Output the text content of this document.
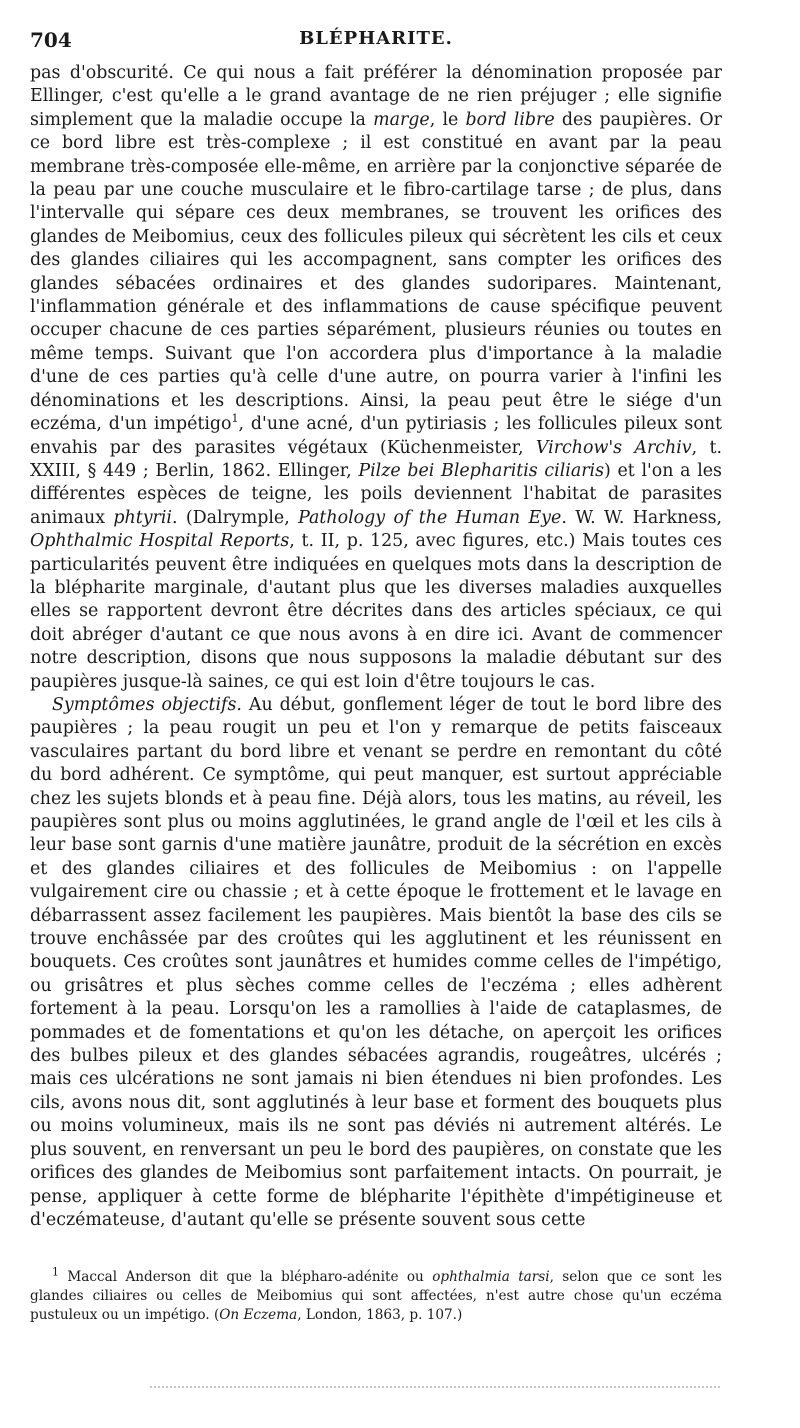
704	BLÉPHARITE.

pas d'obscurité. Ce qui nous a fait préférer la dénomination proposée par Ellinger, c'est qu'elle a le grand avantage de ne rien préjuger ; elle signifie simplement que la maladie occupe la marge, le bord libre des paupières. Or ce bord libre est très-complexe ; il est constitué en avant par la peau membrane très-composée elle-même, en arrière par la conjonctive séparée de la peau par une couche musculaire et le fibro-cartilage tarse ; de plus, dans l'intervalle qui sépare ces deux membranes, se trouvent les orifices des glandes de Meibomius, ceux des follicules pileux qui sécrètent les cils et ceux des glandes ciliaires qui les accompagnent, sans compter les orifices des glandes sébacées ordinaires et des glandes sudoripares. Maintenant, l'inflammation générale et des inflammations de cause spécifique peuvent occuper chacune de ces parties séparément, plusieurs réunies ou toutes en même temps. Suivant que l'on accordera plus d'importance à la maladie d'une de ces parties qu'à celle d'une autre, on pourra varier à l'infini les dénominations et les descriptions. Ainsi, la peau peut être le siége d'un eczéma, d'un impétigo$^1$, d'une acné, d'un pytiriasis ; les follicules pileux sont envahis par des parasites végétaux (Küchenmeister, Virchow's Archiv, t. XXIII, § 449 ; Berlin, 1862. Ellinger, Pilze bei Blepharitis ciliaris) et l'on a les différentes espèces de teigne, les poils deviennent l'habitat de parasites animaux phtyrii. (Dalrymple, Pathology of the Human Eye. W. W. Harkness, Ophthalmic Hospital Reports, t. II, p. 125, avec figures, etc.) Mais toutes ces particularités peuvent être indiquées en quelques mots dans la description de la blépharite marginale, d'autant plus que les diverses maladies auxquelles elles se rapportent devront être décrites dans des articles spéciaux, ce qui doit abréger d'autant ce que nous avons à en dire ici. Avant de commencer notre description, disons que nous supposons la maladie débutant sur des paupières jusque-là saines, ce qui est loin d'être toujours le cas.

Symptômes objectifs. Au début, gonflement léger de tout le bord libre des paupières ; la peau rougit un peu et l'on y remarque de petits faisceaux vasculaires partant du bord libre et venant se perdre en remontant du côté du bord adhérent. Ce symptôme, qui peut manquer, est surtout appréciable chez les sujets blonds et à peau fine. Déjà alors, tous les matins, au réveil, les paupières sont plus ou moins agglutinées, le grand angle de l'œil et les cils à leur base sont garnis d'une matière jaunâtre, produit de la sécrétion en excès et des glandes ciliaires et des follicules de Meibomius : on l'appelle vulgairement cire ou chassie ; et à cette époque le frottement et le lavage en débarrassent assez facilement les paupières. Mais bientôt la base des cils se trouve enchâssée par des croûtes qui les agglutinent et les réunissent en bouquets. Ces croûtes sont jaunâtres et humides comme celles de l'impétigo, ou grisâtres et plus sèches comme celles de l'eczéma ; elles adhèrent fortement à la peau. Lorsqu'on les a ramollies à l'aide de cataplasmes, de pommades et de fomentations et qu'on les détache, on aperçoit les orifices des bulbes pileux et des glandes sébacées agrandis, rougeâtres, ulcérés ; mais ces ulcérations ne sont jamais ni bien étendues ni bien profondes. Les cils, avons nous dit, sont agglutinés à leur base et forment des bouquets plus ou moins volumineux, mais ils ne sont pas déviés ni autrement altérés. Le plus souvent, en renversant un peu le bord des paupières, on constate que les orifices des glandes de Meibomius sont parfaitement intacts. On pourrait, je pense, appliquer à cette forme de blépharite l'épithète d'impétigineuse et d'eczémateuse, d'autant qu'elle se présente souvent sous cette

$^1$ Maccal Anderson dit que la blépharo-adénite ou ophthalmia tarsi, selon que ce sont les glandes ciliaires ou celles de Meibomius qui sont affectées, n'est autre chose qu'un eczéma pustuleux ou un impétigo. (On Eczema, London, 1863, p. 107.)
